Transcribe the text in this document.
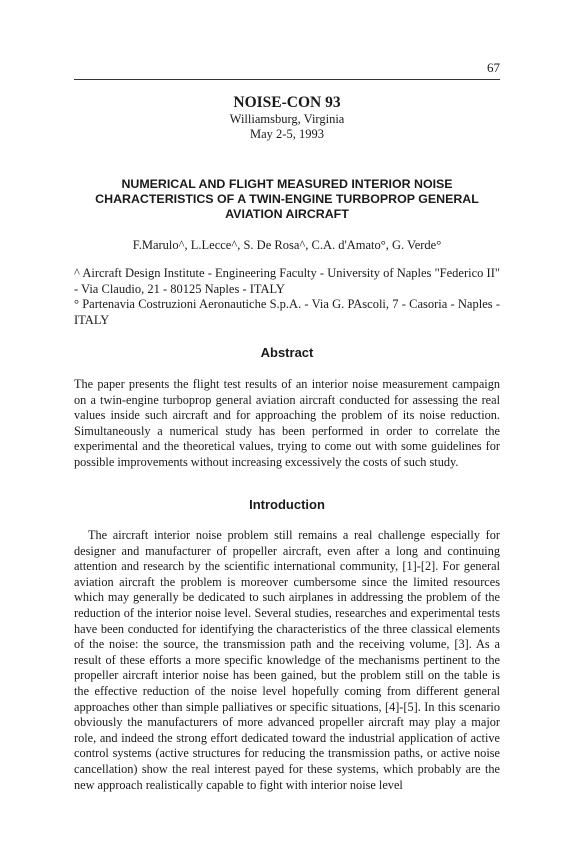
67
NOISE-CON 93
Williamsburg, Virginia
May 2-5, 1993
NUMERICAL AND FLIGHT MEASURED INTERIOR NOISE CHARACTERISTICS OF A TWIN-ENGINE TURBOPROP GENERAL AVIATION AIRCRAFT
F.Marulo^, L.Lecce^, S. De Rosa^, C.A. d'Amato°, G. Verde°

^ Aircraft Design Institute - Engineering Faculty - University of Naples "Federico II" - Via Claudio, 21 - 80125 Naples - ITALY

° Partenavia Costruzioni Aeronautiche S.p.A. - Via G. PAscoli, 7 - Casoria - Naples - ITALY

Abstract

The paper presents the flight test results of an interior noise measurement campaign on a twin-engine turboprop general aviation aircraft conducted for assessing the real values inside such aircraft and for approaching the problem of its noise reduction. Simultaneously a numerical study has been performed in order to correlate the experimental and the theoretical values, trying to come out with some guidelines for possible improvements without increasing excessively the costs of such study.

Introduction

The aircraft interior noise problem still remains a real challenge especially for designer and manufacturer of propeller aircraft, even after a long and continuing attention and research by the scientific international community, [1]-[2]. For general aviation aircraft the problem is moreover cumbersome since the limited resources which may generally be dedicated to such airplanes in addressing the problem of the reduction of the interior noise level. Several studies, researches and experimental tests have been conducted for identifying the characteristics of the three classical elements of the noise: the source, the transmission path and the receiving volume, [3]. As a result of these efforts a more specific knowledge of the mechanisms pertinent to the propeller aircraft interior noise has been gained, but the problem still on the table is the effective reduction of the noise level hopefully coming from different general approaches other than simple palliatives or specific situations, [4]-[5]. In this scenario obviously the manufacturers of more advanced propeller aircraft may play a major role, and indeed the strong effort dedicated toward the industrial application of active control systems (active structures for reducing the transmission paths, or active noise cancellation) show the real interest payed for these systems, which probably are the new approach realistically capable to fight with interior noise level
